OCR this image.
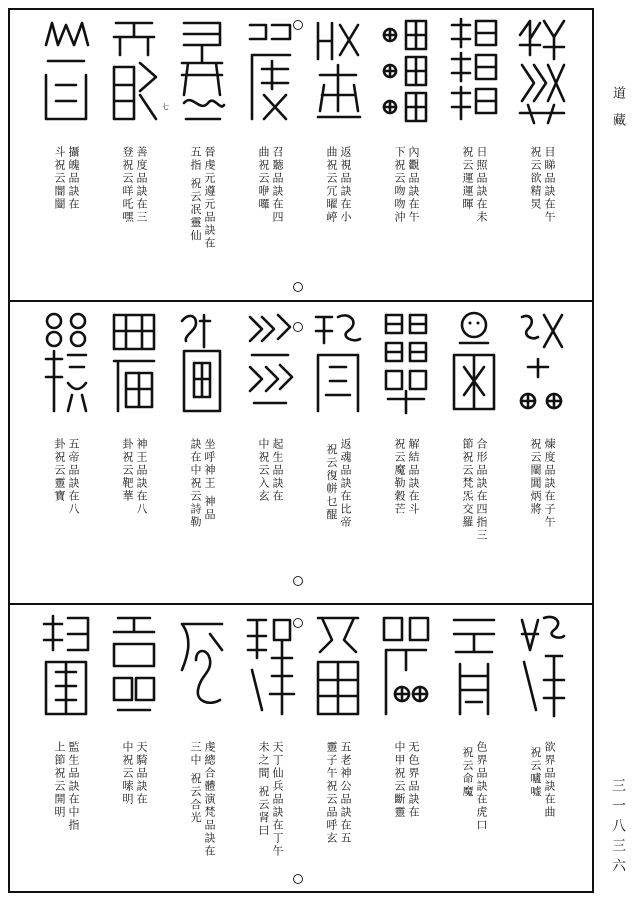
七
目睇品訣在午
祝云欲精炅
日照品訣在未
祝云運運暉
內觀品訣在午
下祝云吻吻沖
返視品訣在小
曲祝云冗曜嵉
召聽品訣在四
曲祝云咿囉
晉虔元遵元品訣在
五指 祝云冺靈仙
善度品訣在三
登祝云咩吒嘿
攝魄品訣在
斗祝云闇闓
煉度品訣在子午
祝云闉閶炳將
合形品訣在四指三
節祝云梵炁交羅
解結品訣在斗
祝云魔勒穀芒
返魂品訣在比帝
祝云復帡乜醌
起生品訣在
中祝云入玄
坐呼神王 神品
訣在中祝云詩勒
神王品訣在八
卦祝云靶華
五帝品訣在八
卦祝云靈寶
欲界品訣在曲
祝云嚧嘘
色界品訣在虎口
祝云命魔
无色界品訣在
中甲祝云斷靈
五老神公品訣在五
靈子午祝云品呼玄
天丁仙兵品訣在丁午
未之間 祝云肾曰
虔總合體演梵品訣在
三中 祝云合光
天騎品訣在
中祝云嗦明
監生品訣在中指
上節祝云開明
道藏
三一八三六
